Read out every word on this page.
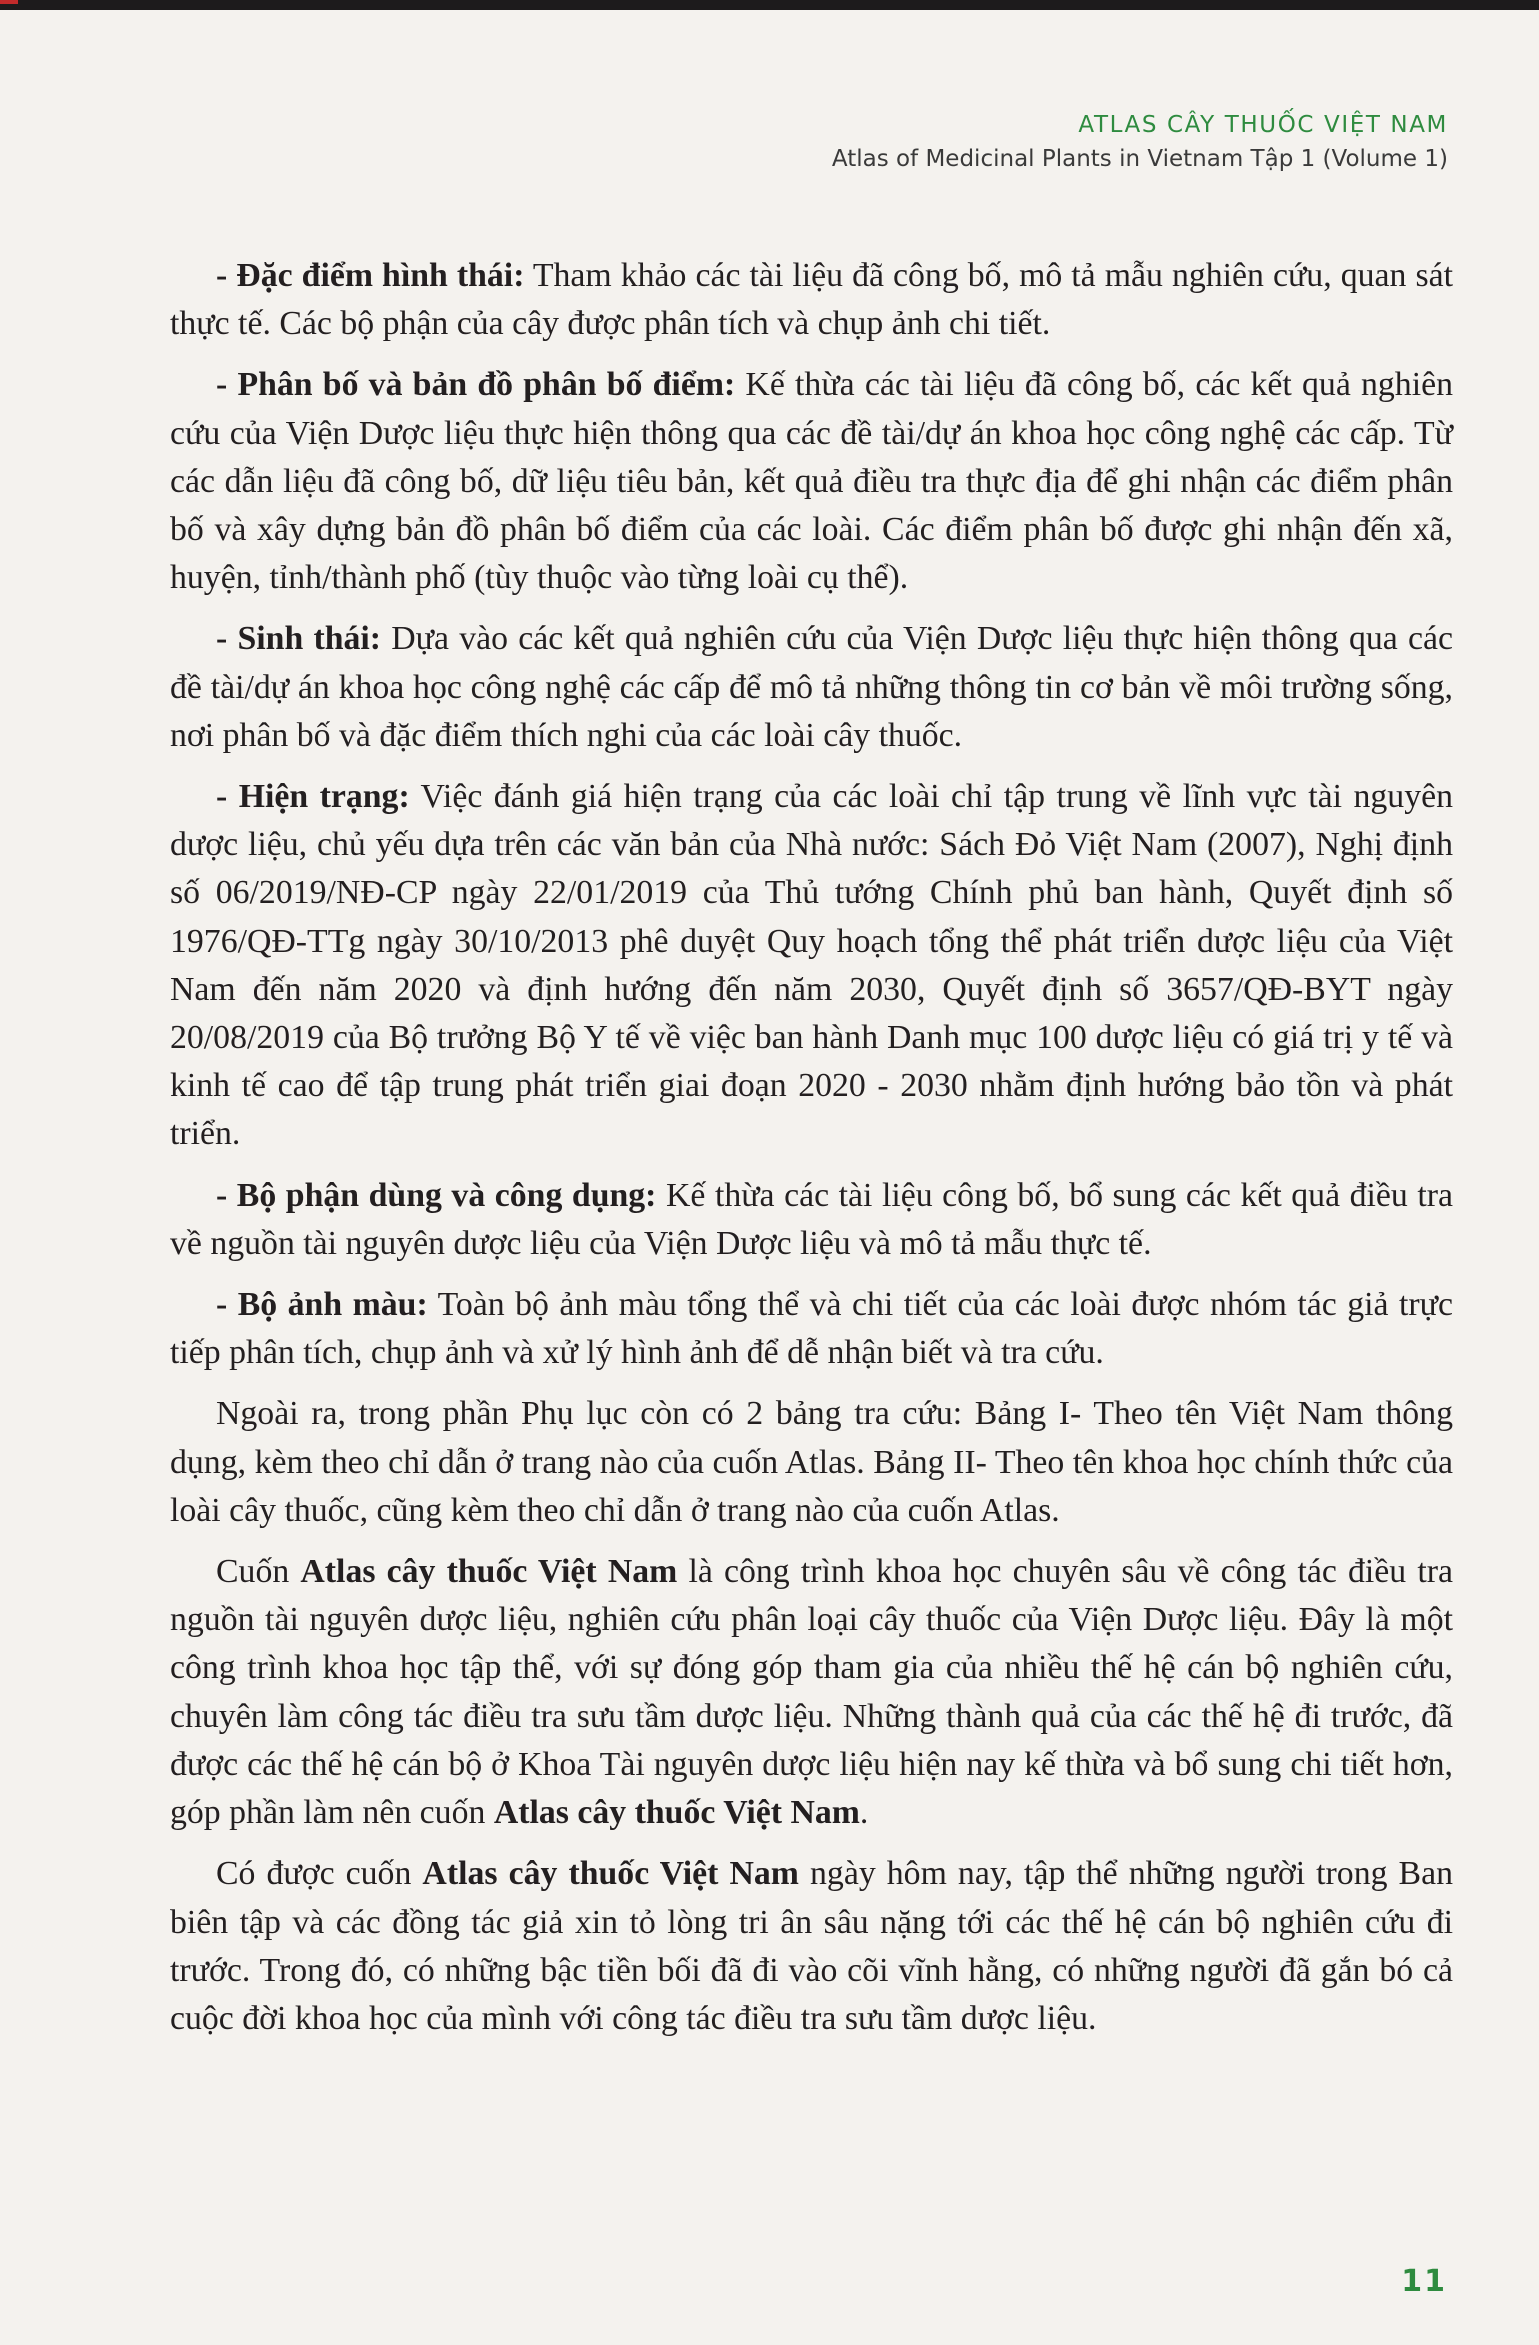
ATLAS CÂY THUỐC VIỆT NAM
Atlas of Medicinal Plants in Vietnam Tập 1 (Volume 1)

- Đặc điểm hình thái: Tham khảo các tài liệu đã công bố, mô tả mẫu nghiên cứu, quan sát thực tế. Các bộ phận của cây được phân tích và chụp ảnh chi tiết.

- Phân bố và bản đồ phân bố điểm: Kế thừa các tài liệu đã công bố, các kết quả nghiên cứu của Viện Dược liệu thực hiện thông qua các đề tài/dự án khoa học công nghệ các cấp. Từ các dẫn liệu đã công bố, dữ liệu tiêu bản, kết quả điều tra thực địa để ghi nhận các điểm phân bố và xây dựng bản đồ phân bố điểm của các loài. Các điểm phân bố được ghi nhận đến xã, huyện, tỉnh/thành phố (tùy thuộc vào từng loài cụ thể).

- Sinh thái: Dựa vào các kết quả nghiên cứu của Viện Dược liệu thực hiện thông qua các đề tài/dự án khoa học công nghệ các cấp để mô tả những thông tin cơ bản về môi trường sống, nơi phân bố và đặc điểm thích nghi của các loài cây thuốc.

- Hiện trạng: Việc đánh giá hiện trạng của các loài chỉ tập trung về lĩnh vực tài nguyên dược liệu, chủ yếu dựa trên các văn bản của Nhà nước: Sách Đỏ Việt Nam (2007), Nghị định số 06/2019/NĐ-CP ngày 22/01/2019 của Thủ tướng Chính phủ ban hành, Quyết định số 1976/QĐ-TTg ngày 30/10/2013 phê duyệt Quy hoạch tổng thể phát triển dược liệu của Việt Nam đến năm 2020 và định hướng đến năm 2030, Quyết định số 3657/QĐ-BYT ngày 20/08/2019 của Bộ trưởng Bộ Y tế về việc ban hành Danh mục 100 dược liệu có giá trị y tế và kinh tế cao để tập trung phát triển giai đoạn 2020 - 2030 nhằm định hướng bảo tồn và phát triển.

- Bộ phận dùng và công dụng: Kế thừa các tài liệu công bố, bổ sung các kết quả điều tra về nguồn tài nguyên dược liệu của Viện Dược liệu và mô tả mẫu thực tế.

- Bộ ảnh màu: Toàn bộ ảnh màu tổng thể và chi tiết của các loài được nhóm tác giả trực tiếp phân tích, chụp ảnh và xử lý hình ảnh để dễ nhận biết và tra cứu.

Ngoài ra, trong phần Phụ lục còn có 2 bảng tra cứu: Bảng I- Theo tên Việt Nam thông dụng, kèm theo chỉ dẫn ở trang nào của cuốn Atlas. Bảng II- Theo tên khoa học chính thức của loài cây thuốc, cũng kèm theo chỉ dẫn ở trang nào của cuốn Atlas.

Cuốn Atlas cây thuốc Việt Nam là công trình khoa học chuyên sâu về công tác điều tra nguồn tài nguyên dược liệu, nghiên cứu phân loại cây thuốc của Viện Dược liệu. Đây là một công trình khoa học tập thể, với sự đóng góp tham gia của nhiều thế hệ cán bộ nghiên cứu, chuyên làm công tác điều tra sưu tầm dược liệu. Những thành quả của các thế hệ đi trước, đã được các thế hệ cán bộ ở Khoa Tài nguyên dược liệu hiện nay kế thừa và bổ sung chi tiết hơn, góp phần làm nên cuốn Atlas cây thuốc Việt Nam.

Có được cuốn Atlas cây thuốc Việt Nam ngày hôm nay, tập thể những người trong Ban biên tập và các đồng tác giả xin tỏ lòng tri ân sâu nặng tới các thế hệ cán bộ nghiên cứu đi trước. Trong đó, có những bậc tiền bối đã đi vào cõi vĩnh hằng, có những người đã gắn bó cả cuộc đời khoa học của mình với công tác điều tra sưu tầm dược liệu.

11
